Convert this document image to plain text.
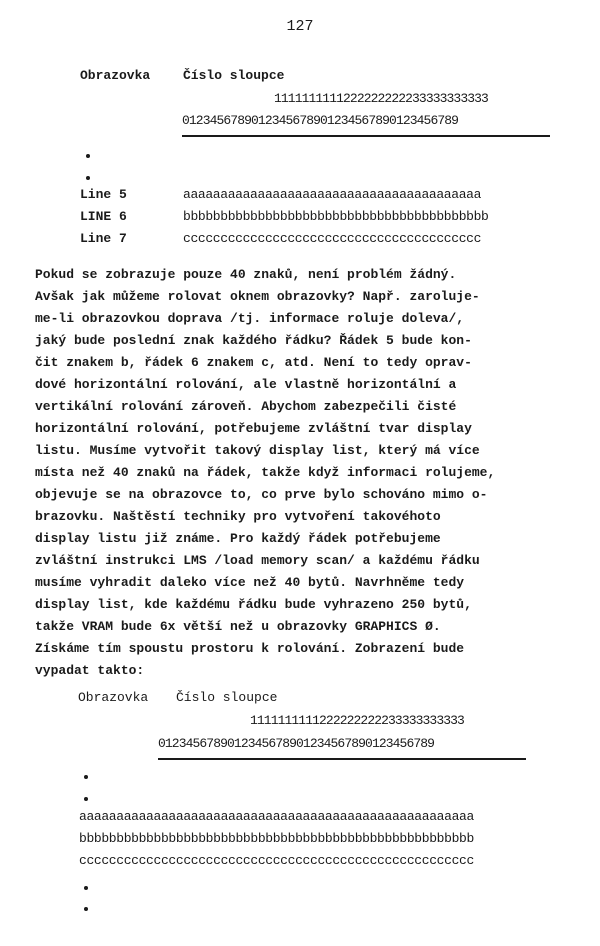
127
Obrazovka	Číslo sloupce
1111111111222222222233333333333
0123456789012345678901234567890123456789
Line 5	aaaaaaaaaaaaaaaaaaaaaaaaaaaaaaaaaaaaaaaa
LINE 6	bbbbbbbbbbbbbbbbbbbbbbbbbbbbbbbbbbbbbbbbb
Line 7	cccccccccccccccccccccccccccccccccccccccc
Pokud se zobrazuje pouze 40 znaků, není problém žádný.
Avšak jak můžeme rolovat oknem obrazovky? Např. zaroluje-
me-li obrazovkou doprava /tj. informace roluje doleva/,
jaký bude poslední znak každého řádku? Řádek 5 bude kon-
čit znakem b, řádek 6 znakem c, atd. Není to tedy oprav-
dové horizontální rolování, ale vlastně horizontální a
vertikální rolování zároveň. Abychom zabezpečili čisté
horizontální rolování, potřebujeme zvláštní tvar display
listu. Musíme vytvořit takový display list, který má více
místa než 40 znaků na řádek, takže když informaci rolujeme,
objevuje se na obrazovce to, co prve bylo schováno mimo o-
brazovku. Naštěstí techniky pro vytvoření takovéhoto
display listu již známe. Pro každý řádek potřebujeme
zvláštní instrukci LMS /load memory scan/ a každému řádku
musíme vyhradit daleko více než 40 bytů. Navrhněme tedy
display list, kde každému řádku bude vyhrazeno 250 bytů,
takže VRAM bude 6x větší než u obrazovky GRAPHICS Ø.
Získáme tím spoustu prostoru k rolování. Zobrazení bude
vypadat takto:
Obrazovka Číslo sloupce
1111111111222222222233333333333
0123456789012345678901234567890123456789
aaaaaaaaaaaaaaaaaaaaaaaaaaaaaaaaaaaaaaaaaaaaaaaaaaaaa
bbbbbbbbbbbbbbbbbbbbbbbbbbbbbbbbbbbbbbbbbbbbbbbbbbbbb
ccccccccccccccccccccccccccccccccccccccccccccccccccccc
